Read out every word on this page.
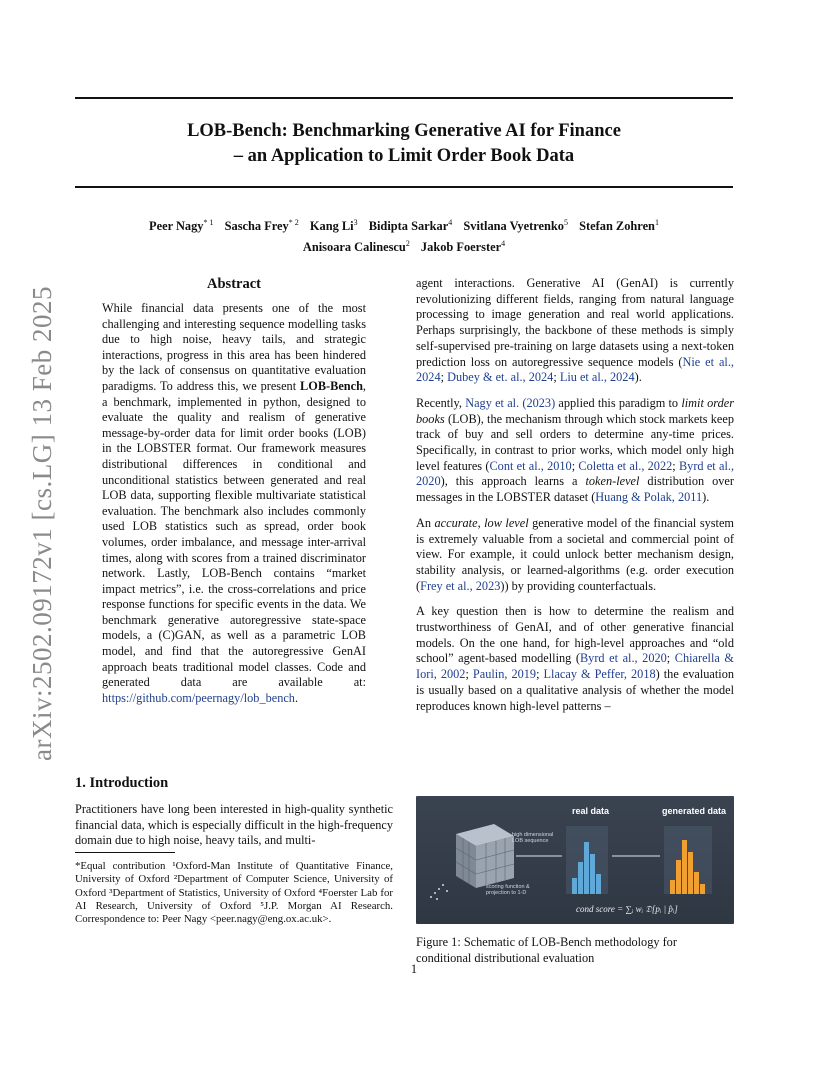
arXiv:2502.09172v1 [cs.LG] 13 Feb 2025
LOB-Bench: Benchmarking Generative AI for Finance
– an Application to Limit Order Book Data
Peer Nagy$^{* 1}$ Sascha Frey$^{* 2}$ Kang Li$^3$ Bidipta Sarkar$^4$ Svitlana Vyetrenko$^5$ Stefan Zohren$^1$
Anisoara Calinescu$^2$ Jakob Foerster$^4$
Abstract
While financial data presents one of the most challenging and interesting sequence modelling tasks due to high noise, heavy tails, and strategic interactions, progress in this area has been hindered by the lack of consensus on quantitative evaluation paradigms. To address this, we present LOB-Bench, a benchmark, implemented in python, designed to evaluate the quality and realism of generative message-by-order data for limit order books (LOB) in the LOBSTER format. Our framework measures distributional differences in conditional and unconditional statistics between generated and real LOB data, supporting flexible multivariate statistical evaluation. The benchmark also includes commonly used LOB statistics such as spread, order book volumes, order imbalance, and message inter-arrival times, along with scores from a trained discriminator network. Lastly, LOB-Bench contains “market impact metrics”, i.e. the cross-correlations and price response functions for specific events in the data. We benchmark generative autoregressive state-space models, a (C)GAN, as well as a parametric LOB model, and find that the autoregressive GenAI approach beats traditional model classes. Code and generated data are available at: https://github.com/peernagy/lob_bench.
1. Introduction
Practitioners have long been interested in high-quality synthetic financial data, which is especially difficult in the high-frequency domain due to high noise, heavy tails, and multi-
*Equal contribution ¹Oxford-Man Institute of Quantitative Finance, University of Oxford ²Department of Computer Science, University of Oxford ³Department of Statistics, University of Oxford ⁴Foerster Lab for AI Research, University of Oxford ⁵J.P. Morgan AI Research. Correspondence to: Peer Nagy <peer.nagy@eng.ox.ac.uk>.

agent interactions. Generative AI (GenAI) is currently revolutionizing different fields, ranging from natural language processing to image generation and real world applications. Perhaps surprisingly, the backbone of these methods is simply self-supervised pre-training on large datasets using a next-token prediction loss on autoregressive sequence models (Nie et al., 2024; Dubey & et. al., 2024; Liu et al., 2024).

Recently, Nagy et al. (2023) applied this paradigm to limit order books (LOB), the mechanism through which stock markets keep track of buy and sell orders to determine any-time prices. Specifically, in contrast to prior works, which model only high level features (Cont et al., 2010; Coletta et al., 2022; Byrd et al., 2020), this approach learns a token-level distribution over messages in the LOBSTER dataset (Huang & Polak, 2011).

An accurate, low level generative model of the financial system is extremely valuable from a societal and commercial point of view. For example, it could unlock better mechanism design, stability analysis, or learned-algorithms (e.g. order execution (Frey et al., 2023)) by providing counterfactuals.

A key question then is how to determine the realism and trustworthiness of GenAI, and of other generative financial models. On the one hand, for high-level approaches and “old school” agent-based modelling (Byrd et al., 2020; Chiarella & Iori, 2002; Paulin, 2019; Llacay & Peffer, 2018) the evaluation is usually based on a qualitative analysis of whether the model reproduces known high-level patterns –

real data	generated data
high dimensional LOB sequence
scoring function & projection to 1-D
cond score = ∑ᵢ wᵢ 𝔇[pᵢ | p̂ᵢ]
Figure 1: Schematic of LOB-Bench methodology for conditional distributional evaluation
1
